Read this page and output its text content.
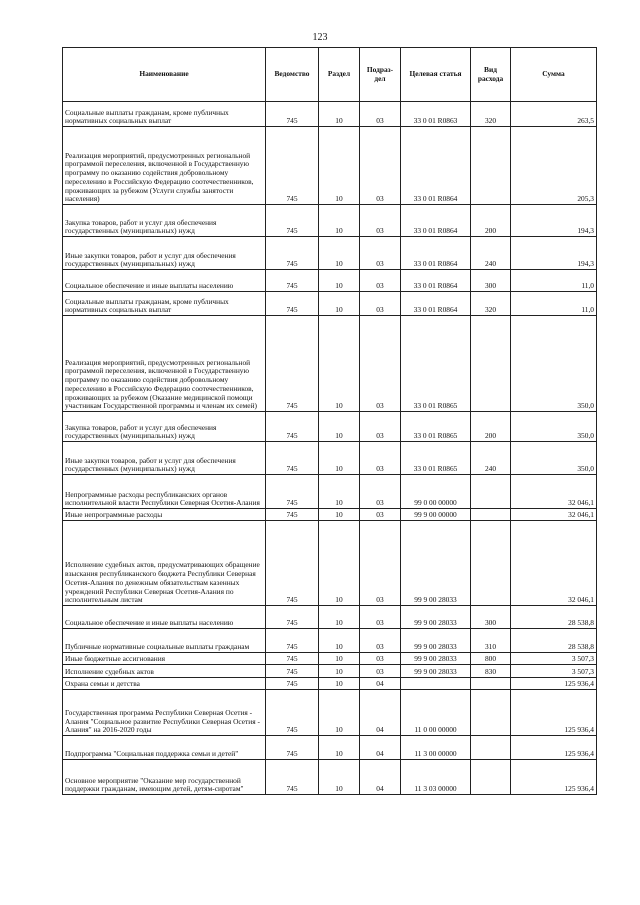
123
Наименование	Ведомство	Раздел	Подраз-дел	Целевая статья	Вид расхода	Сумма
Социальные выплаты гражданам, кроме публичных нормативных социальных выплат	745	10	03	33 0 01 R0863	320	263,5
Реализация мероприятий, предусмотренных региональной программой переселения, включенной в Государственную программу по оказанию содействия добровольному переселению в Российскую Федерацию соотечественников, проживающих за рубежом (Услуги службы занятости населения)	745	10	03	33 0 01 R0864		205,3
Закупка товаров, работ и услуг для обеспечения государственных (муниципальных) нужд	745	10	03	33 0 01 R0864	200	194,3
Иные закупки товаров, работ и услуг для обеспечения государственных (муниципальных) нужд	745	10	03	33 0 01 R0864	240	194,3
Социальное обеспечение и иные выплаты населению	745	10	03	33 0 01 R0864	300	11,0
Социальные выплаты гражданам, кроме публичных нормативных социальных выплат	745	10	03	33 0 01 R0864	320	11,0
Реализация мероприятий, предусмотренных региональной программой переселения, включенной в Государственную программу по оказанию содействия добровольному переселению в Российскую Федерацию соотечественников, проживающих за рубежом (Оказание медицинской помощи участникам Государственной программы и членам их семей)	745	10	03	33 0 01 R0865		350,0
Закупка товаров, работ и услуг для обеспечения государственных (муниципальных) нужд	745	10	03	33 0 01 R0865	200	350,0
Иные закупки товаров, работ и услуг для обеспечения государственных (муниципальных) нужд	745	10	03	33 0 01 R0865	240	350,0
Непрограммные расходы республиканских органов исполнительной власти Республики Северная Осетия-Алания	745	10	03	99 0 00 00000		32 046,1
Иные непрограммные расходы	745	10	03	99 9 00 00000		32 046,1
Исполнение судебных актов, предусматривающих обращение взыскания республиканского бюджета Республики Северная Осетия-Алания по денежным обязательствам казенных учреждений Республики Северная Осетия-Алания по исполнительным листам	745	10	03	99 9 00 28033		32 046,1
Социальное обеспечение и иные выплаты населению	745	10	03	99 9 00 28033	300	28 538,8
Публичные нормативные социальные выплаты гражданам	745	10	03	99 9 00 28033	310	28 538,8
Иные бюджетные ассигнования	745	10	03	99 9 00 28033	800	3 507,3
Исполнение судебных актов	745	10	03	99 9 00 28033	830	3 507,3
Охрана семьи и детства	745	10	04			125 936,4
Государственная программа Республики Северная Осетия - Алания "Социальное развитие Республики Северная Осетия - Алания" на 2016-2020 годы	745	10	04	11 0 00 00000		125 936,4
Подпрограмма "Социальная поддержка семьи и детей"	745	10	04	11 3 00 00000		125 936,4
Основное мероприятие "Оказание мер государственной поддержки гражданам, имеющим детей, детям-сиротам"	745	10	04	11 3 03 00000		125 936,4
